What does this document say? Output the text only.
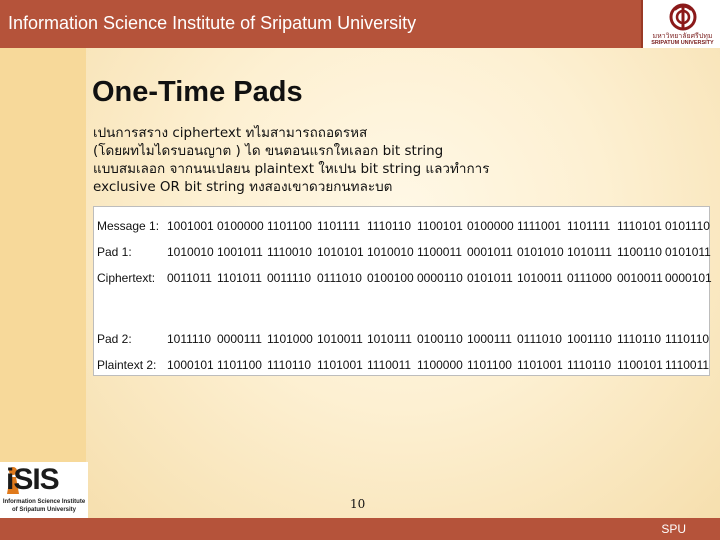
Information Science Institute of Sripatum University
มหาวิทยาลัยศรีปทุม
SRIPATUM UNIVERSITY
One-Time Pads
เปนการสราง ciphertext ทไมสามารถถอดรหส
(โดยผทไมไดรบอนญาต ) ได ขนตอนแรกใหเลอก bit string
แบบสมเลอก จากนนเปลยน plaintext ใหเปน bit string แลวทำการ
exclusive OR bit string ทงสองเขาดวยกนทละบต
Message 1: 1001001 0100000 1101100 1101111 1110110 1100101 0100000 1111001 1101111 1110101 0101110
Pad 1:	1010010 1001011 1110010 1010101 1010010 1100011 0001011 0101010 1010111 1100110 0101011
Ciphertext: 0011011 1101011 0011110 0111010 0100100 0000110 0101011 1010011 0111000 0010011 0000101
Pad 2:	1011110 0000111 1101000 1010011 1010111 0100110 1000111 0111010 1001110 1110110 1110110
Plaintext 2: 1000101 1101100 1110110 1101001 1110011 1100000 1101100 1101001 1110110 1100101 1110011
10
iSIS
Information Science Institute
of Sripatum University
SPU
